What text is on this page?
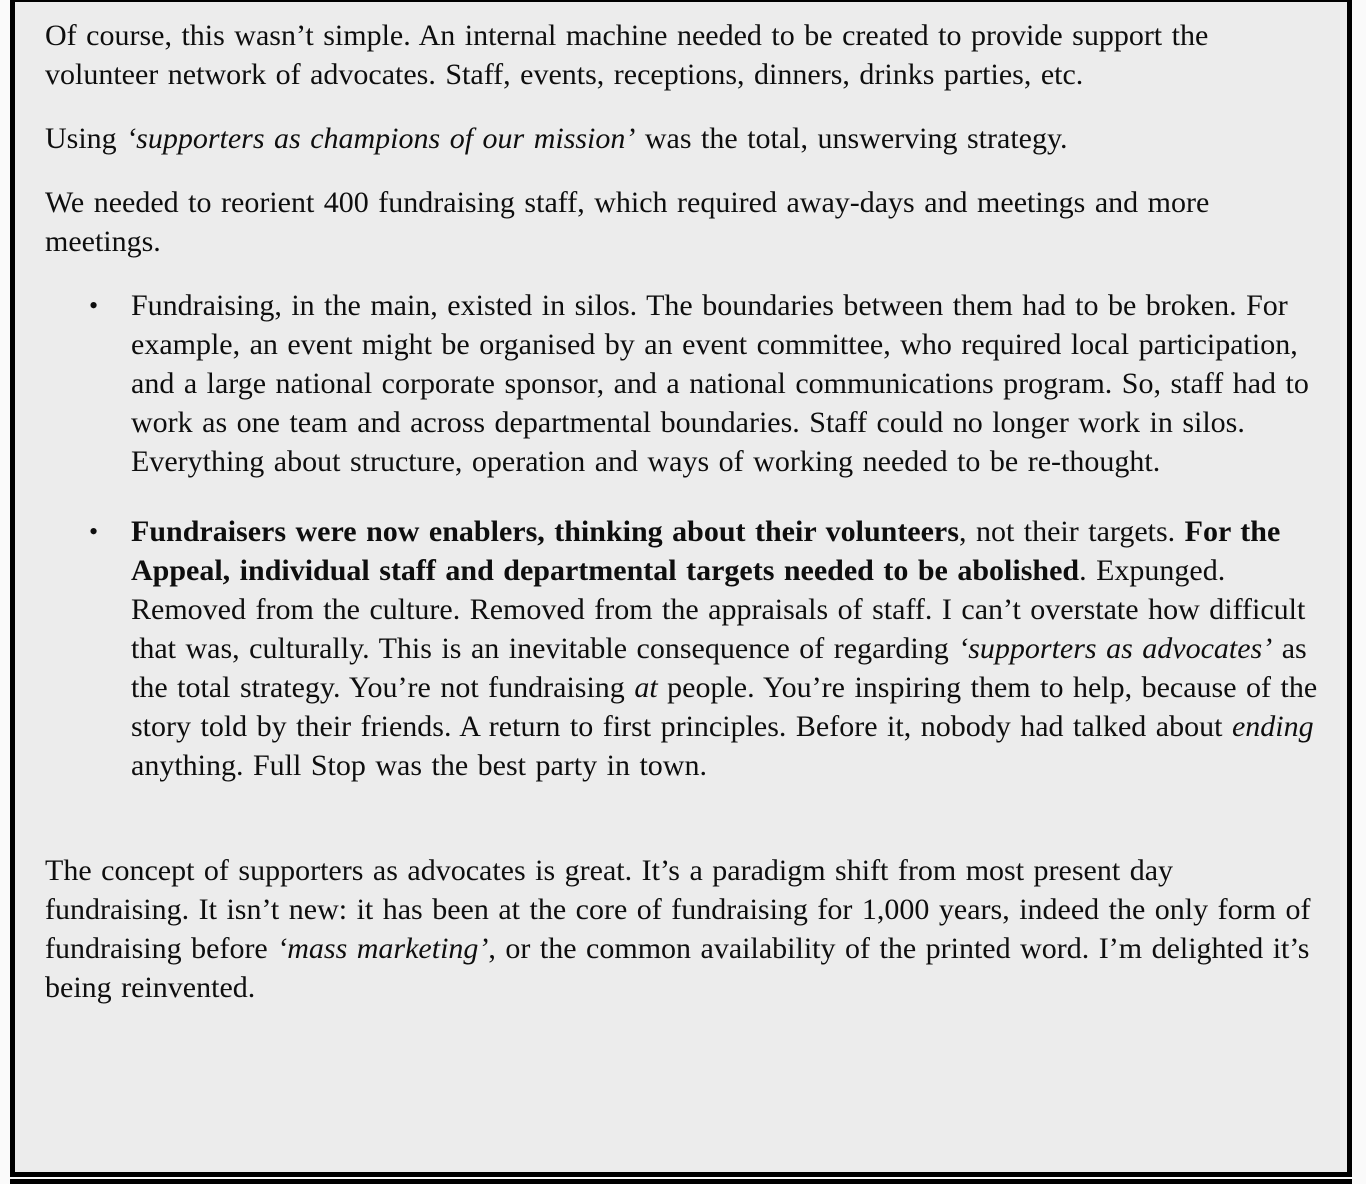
Of course, this wasn’t simple. An internal machine needed to be created to provide support the volunteer network of advocates. Staff, events, receptions, dinners, drinks parties, etc.
Using ‘supporters as champions of our mission’ was the total, unswerving strategy.
We needed to reorient 400 fundraising staff, which required away-days and meetings and more meetings.
•	Fundraising, in the main, existed in silos. The boundaries between them had to be broken. For example, an event might be organised by an event committee, who required local participation, and a large national corporate sponsor, and a national communications program. So, staff had to work as one team and across departmental boundaries. Staff could no longer work in silos. Everything about structure, operation and ways of working needed to be re-thought.
•	Fundraisers were now enablers, thinking about their volunteers, not their targets. For the Appeal, individual staff and departmental targets needed to be abolished. Expunged. Removed from the culture. Removed from the appraisals of staff. I can’t overstate how difficult that was, culturally. This is an inevitable consequence of regarding ‘supporters as advocates’ as the total strategy. You’re not fundraising at people. You’re inspiring them to help, because of the story told by their friends. A return to first principles. Before it, nobody had talked about ending anything. Full Stop was the best party in town.
The concept of supporters as advocates is great. It’s a paradigm shift from most present day fundraising. It isn’t new: it has been at the core of fundraising for 1,000 years, indeed the only form of fundraising before ‘mass marketing’, or the common availability of the printed word. I’m delighted it’s being reinvented.
